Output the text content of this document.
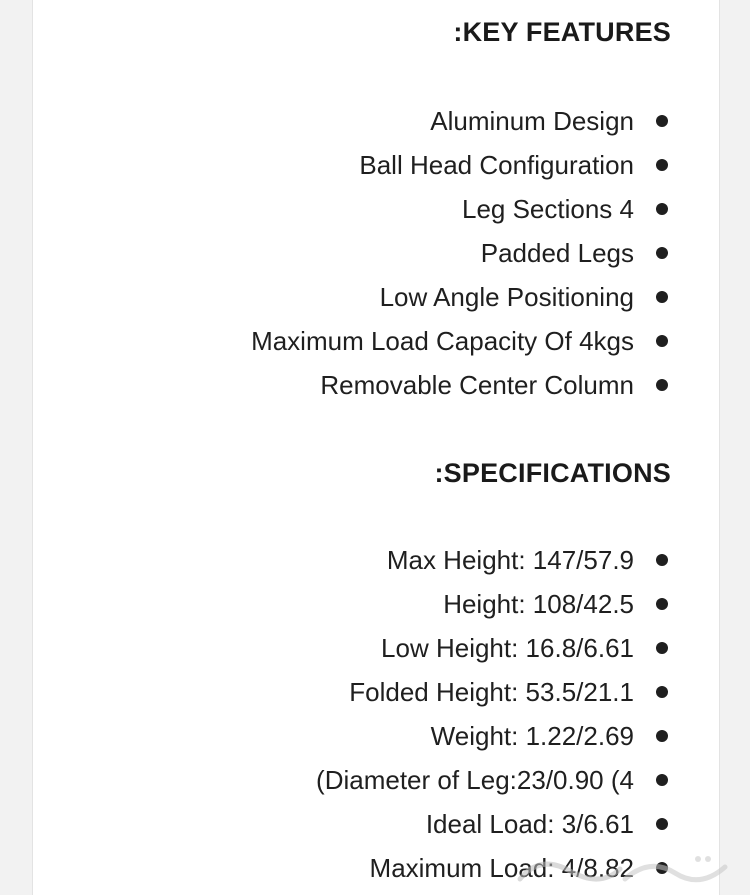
:KEY FEATURES
Aluminum Design
Ball Head Configuration
Leg Sections 4
Padded Legs
Low Angle Positioning
Maximum Load Capacity Of 4kgs
Removable Center Column
:SPECIFICATIONS
Max Height: 147/57.9
Height: 108/42.5
Low Height: 16.8/6.61
Folded Height: 53.5/21.1
Weight: 1.22/2.69
(Diameter of Leg:23/0.90 (4
Ideal Load: 3/6.61
Maximum Load: 4/8.82
